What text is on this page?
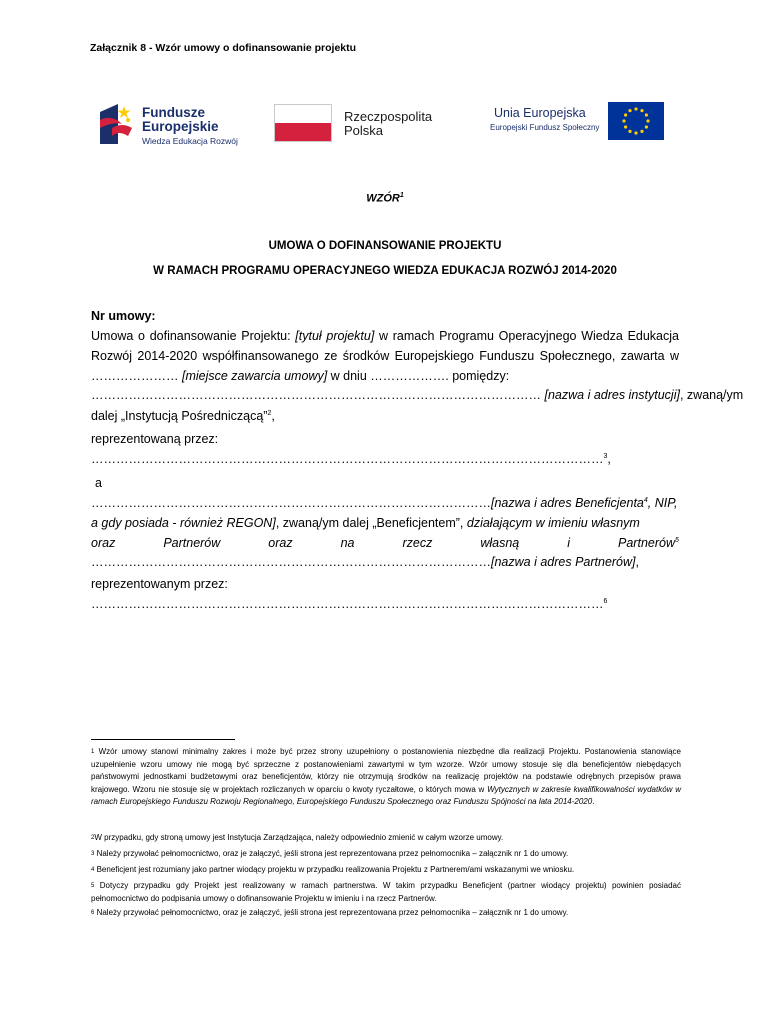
Załącznik 8 - Wzór umowy o dofinansowanie projektu
Fundusze
Europejskie
Wiedza Edukacja Rozwój
Rzeczpospolita
Polska
Unia Europejska
Europejski Fundusz Społeczny
WZÓR$^1$
UMOWA O DOFINANSOWANIE PROJEKTU
W RAMACH PROGRAMU OPERACYJNEGO WIEDZA EDUKACJA ROZWÓJ 2014-2020
Nr umowy:
Umowa o dofinansowanie Projektu: [tytuł projektu] w ramach Programu Operacyjnego Wiedza Edukacja Rozwój 2014-2020 współfinansowanego ze środków Europejskiego Funduszu Społecznego, zawarta w ………………… [miejsce zawarcia umowy] w dniu ………………. pomiędzy:
……………………………………………………………………………………………… [nazwa i adres instytucji], zwaną/ym
dalej „Instytucją Pośredniczącą”$^2$,
reprezentowaną przez:
……………………………………………………………………………………………………………$^3$,
a
……………………………………………………………………………………[nazwa i adres Beneficjenta$^4$, NIP,
a gdy posiada - również REGON], zwaną/ym dalej „Beneficjentem”, działającym w imieniu własnym
oraz	Partnerów	oraz	na	rzecz	własną	i	Partnerów$^5$
……………………………………………………………………………………[nazwa i adres Partnerów],
reprezentowanym przez:
……………………………………………………………………………………………………………$^6$
$^1$ Wzór umowy stanowi minimalny zakres i może być przez strony uzupełniony o postanowienia niezbędne dla realizacji Projektu. Postanowienia stanowiące uzupełnienie wzoru umowy nie mogą być sprzeczne z postanowieniami zawartymi w tym wzorze. Wzór umowy stosuje się dla beneficjentów niebędących państwowymi jednostkami budżetowymi oraz beneficjentów, którzy nie otrzymują środków na realizację projektów na podstawie odrębnych przepisów prawa krajowego. Wzoru nie stosuje się w projektach rozliczanych w oparciu o kwoty ryczałtowe, o których mowa w Wytycznych w zakresie kwalifikowalności wydatków w ramach Europejskiego Funduszu Rozwoju Regionalnego, Europejskiego Funduszu Społecznego oraz Funduszu Spójności na lata 2014-2020.
$^2$W przypadku, gdy stroną umowy jest Instytucja Zarządzająca, należy odpowiednio zmienić w całym wzorze umowy.
$^3$ Należy przywołać pełnomocnictwo, oraz je załączyć, jeśli strona jest reprezentowana przez pełnomocnika – załącznik nr 1 do umowy.
$^4$ Beneficjent jest rozumiany jako partner wiodący projektu w przypadku realizowania Projektu z Partnerem/ami wskazanymi we wniosku.
$^5$ Dotyczy przypadku gdy Projekt jest realizowany w ramach partnerstwa. W takim przypadku Beneficjent (partner wiodący projektu) powinien posiadać pełnomocnictwo do podpisania umowy o dofinansowanie Projektu w imieniu i na rzecz Partnerów.
$^6$ Należy przywołać pełnomocnictwo, oraz je załączyć, jeśli strona jest reprezentowana przez pełnomocnika – załącznik nr 1 do umowy.
